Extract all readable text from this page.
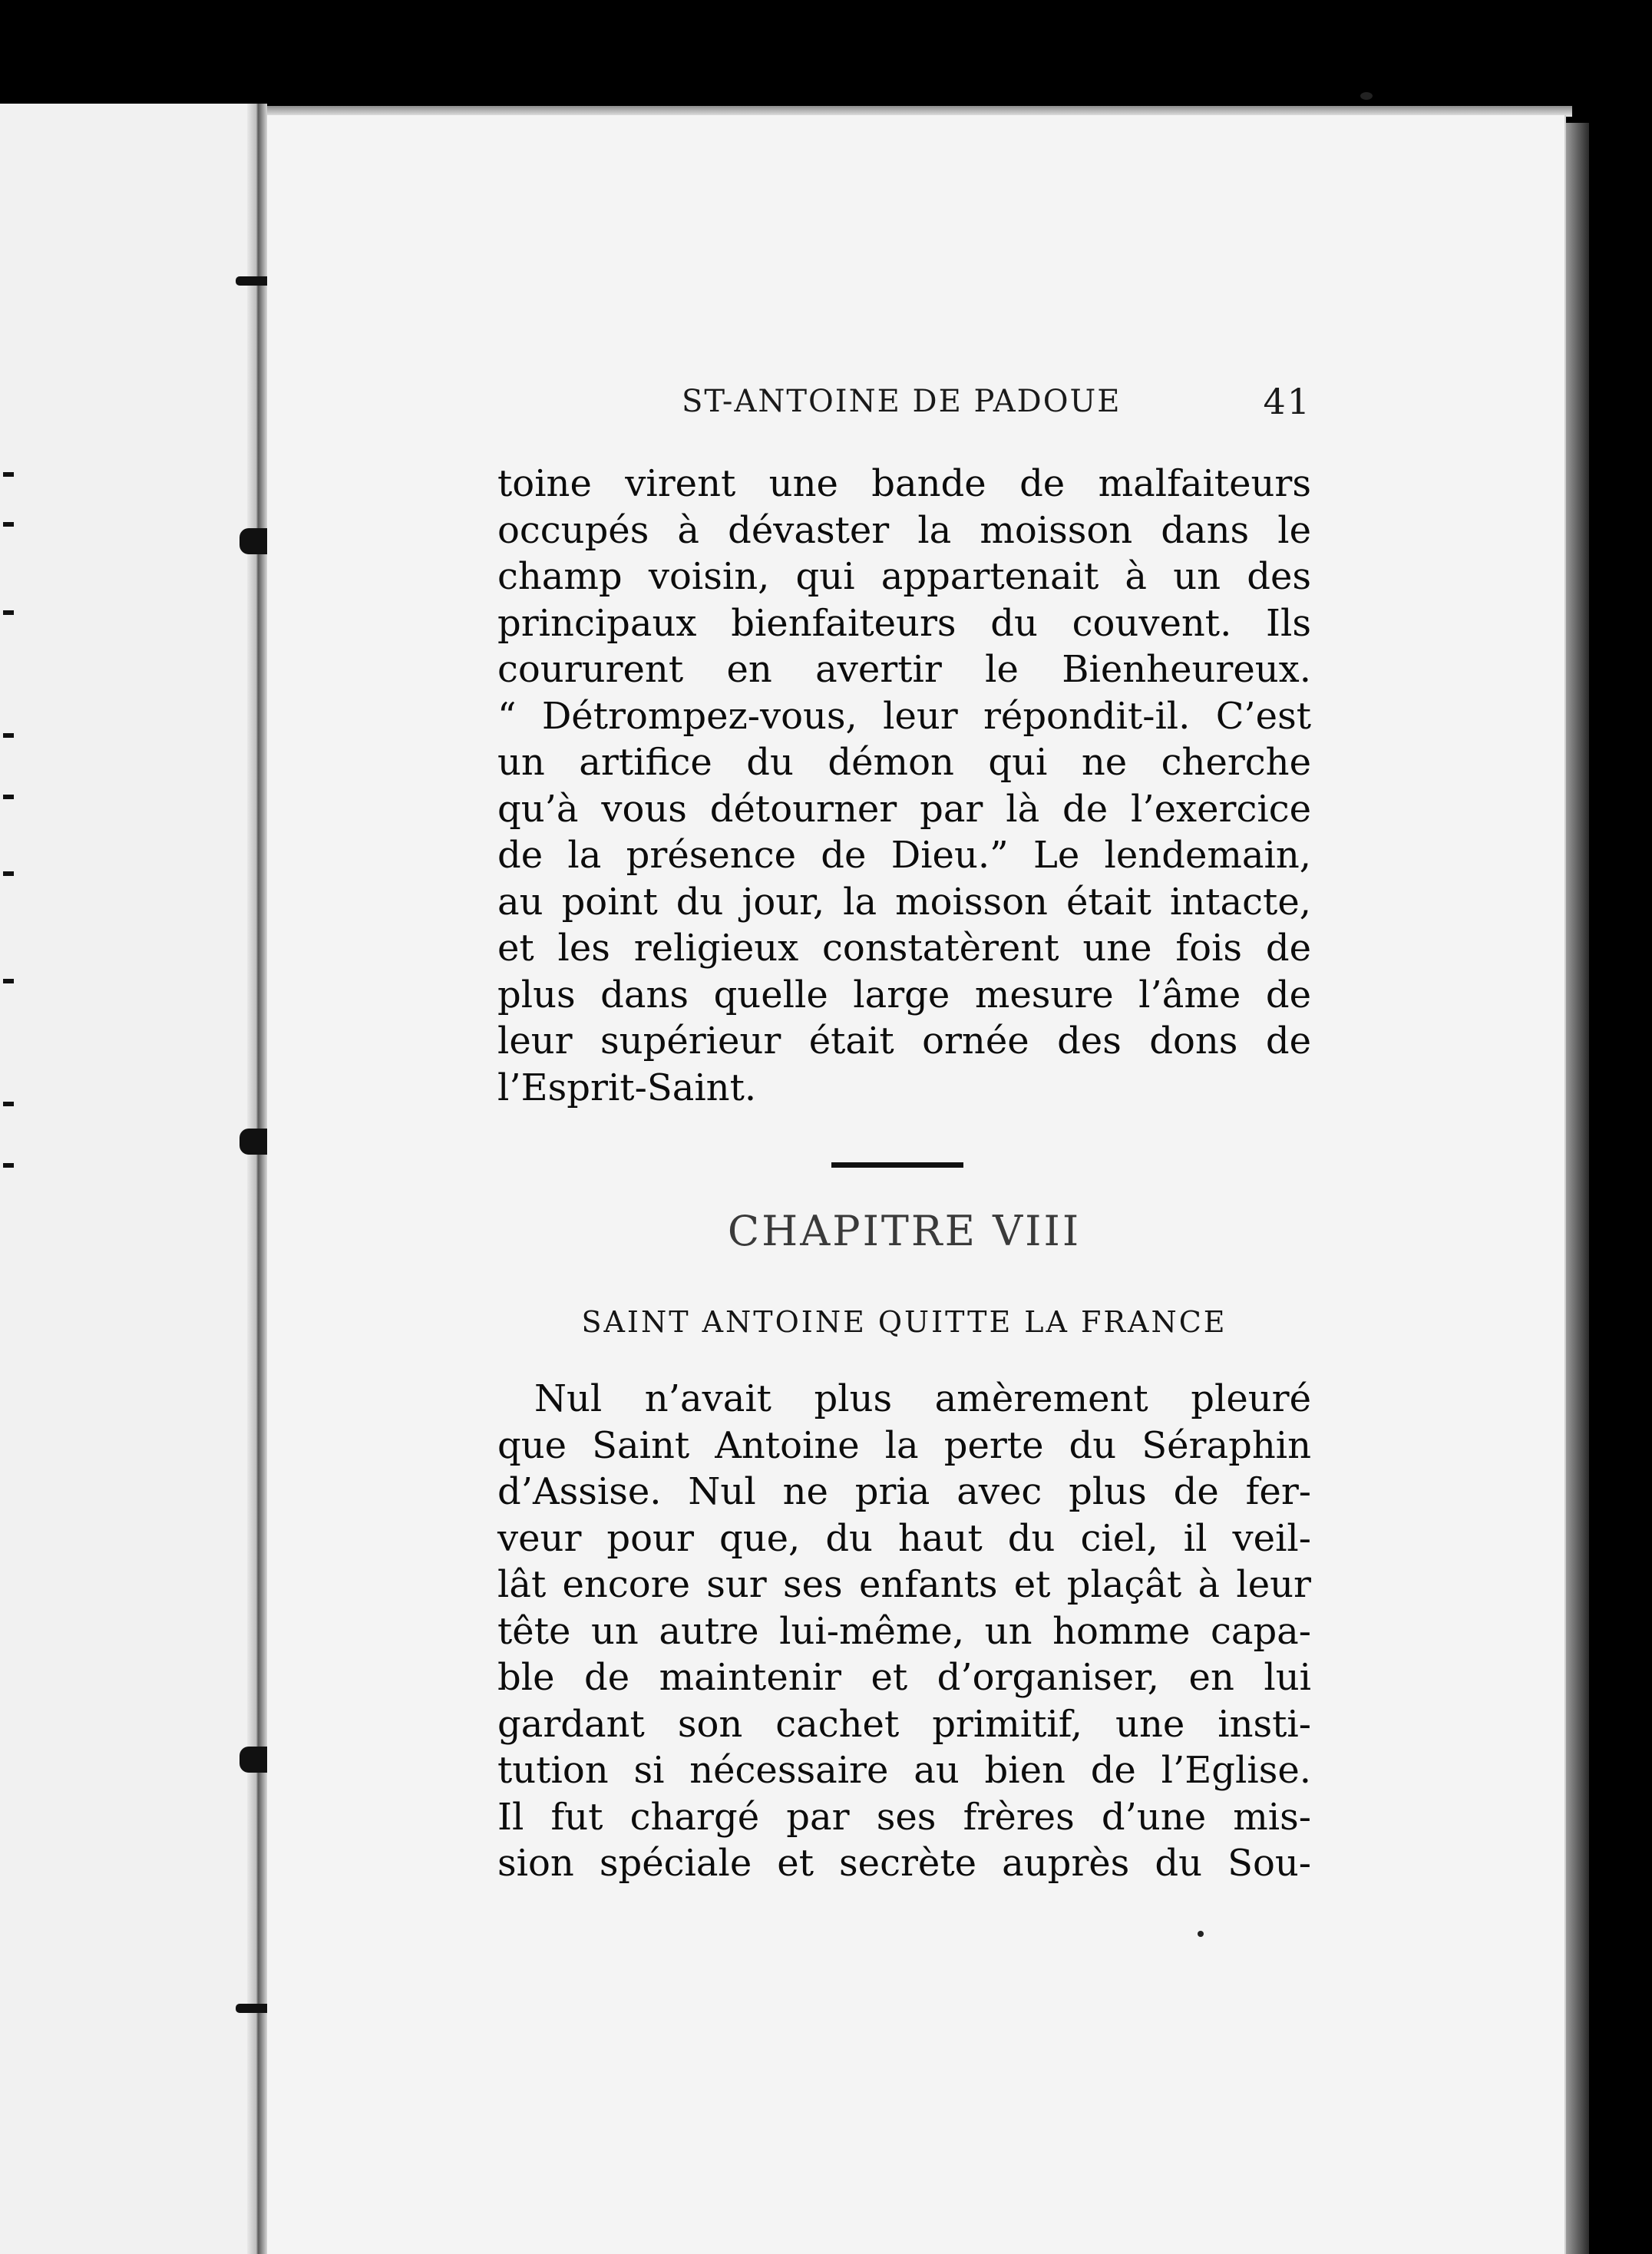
ST-ANTOINE DE PADOUE	41
toine virent une bande de malfaiteurs
occupés à dévaster la moisson dans le
champ voisin, qui appartenait à un des
principaux bienfaiteurs du couvent. Ils
coururent en avertir le Bienheureux.
“ Détrompez-vous, leur répondit-il. C’est
un artifice du démon qui ne cherche
qu’à vous détourner par là de l’exercice
de la présence de Dieu.” Le lendemain,
au point du jour, la moisson était intacte,
et les religieux constatèrent une fois de
plus dans quelle large mesure l’âme de
leur supérieur était ornée des dons de
l’Esprit-Saint.
CHAPITRE VIII
SAINT ANTOINE QUITTE LA FRANCE
Nul n’avait plus amèrement pleuré
que Saint Antoine la perte du Séraphin
d’Assise. Nul ne pria avec plus de fer-
veur pour que, du haut du ciel, il veil-
lât encore sur ses enfants et plaçât à leur
tête un autre lui-même, un homme capa-
ble de maintenir et d’organiser, en lui
gardant son cachet primitif, une insti-
tution si nécessaire au bien de l’Eglise.
Il fut chargé par ses frères d’une mis-
sion spéciale et secrète auprès du Sou-
